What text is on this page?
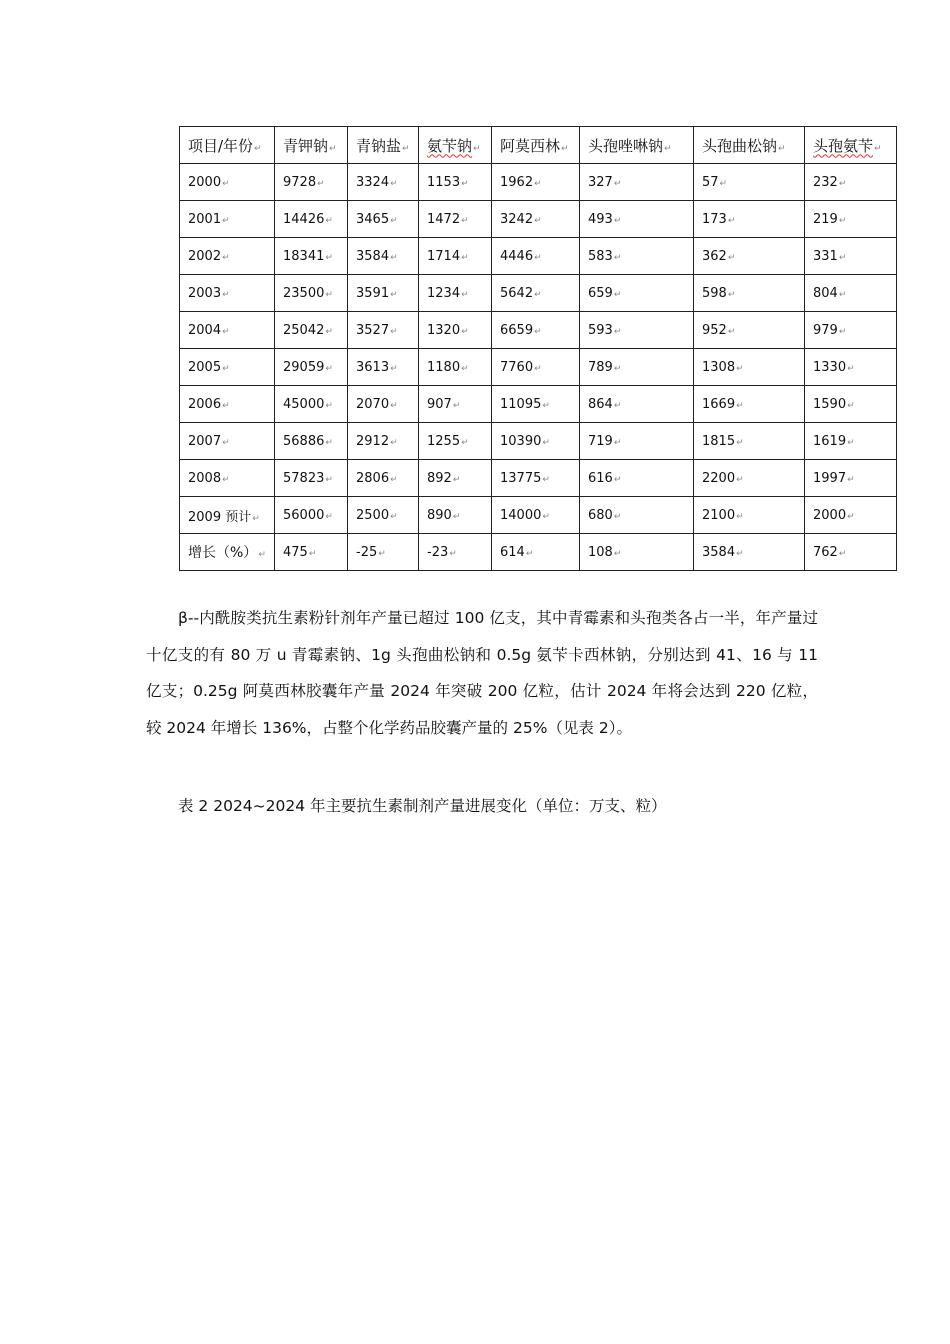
项目/年份↵	青钾钠↵	青钠盐↵	氨苄钠↵	阿莫西林↵	头孢唑啉钠↵	头孢曲松钠↵	头孢氨苄↵
2000↵	9728↵	3324↵	1153↵	1962↵	327↵	57↵	232↵
2001↵	14426↵	3465↵	1472↵	3242↵	493↵	173↵	219↵
2002↵	18341↵	3584↵	1714↵	4446↵	583↵	362↵	331↵
2003↵	23500↵	3591↵	1234↵	5642↵	659↵	598↵	804↵
2004↵	25042↵	3527↵	1320↵	6659↵	593↵	952↵	979↵
2005↵	29059↵	3613↵	1180↵	7760↵	789↵	1308↵	1330↵
2006↵	45000↵	2070↵	907↵	11095↵	864↵	1669↵	1590↵
2007↵	56886↵	2912↵	1255↵	10390↵	719↵	1815↵	1619↵
2008↵	57823↵	2806↵	892↵	13775↵	616↵	2200↵	1997↵
2009 预计↵	56000↵	2500↵	890↵	14000↵	680↵	2100↵	2000↵
增长（%）↵	475↵	-25↵	-23↵	614↵	108↵	3584↵	762↵
β--内酰胺类抗生素粉针剂年产量已超过 100 亿支，其中青霉素和头孢类各占一半，年产量过十亿支的有 80 万 u 青霉素钠、1g 头孢曲松钠和 0.5g 氨苄卡西林钠，分别达到 41、16 与 11 亿支；0.25g 阿莫西林胶囊年产量 2024 年突破 200 亿粒，估计 2024 年将会达到 220 亿粒，较 2024 年增长 136%，占整个化学药品胶囊产量的 25%（见表 2）。
表 2 2024~2024 年主要抗生素制剂产量进展变化（单位：万支、粒）
